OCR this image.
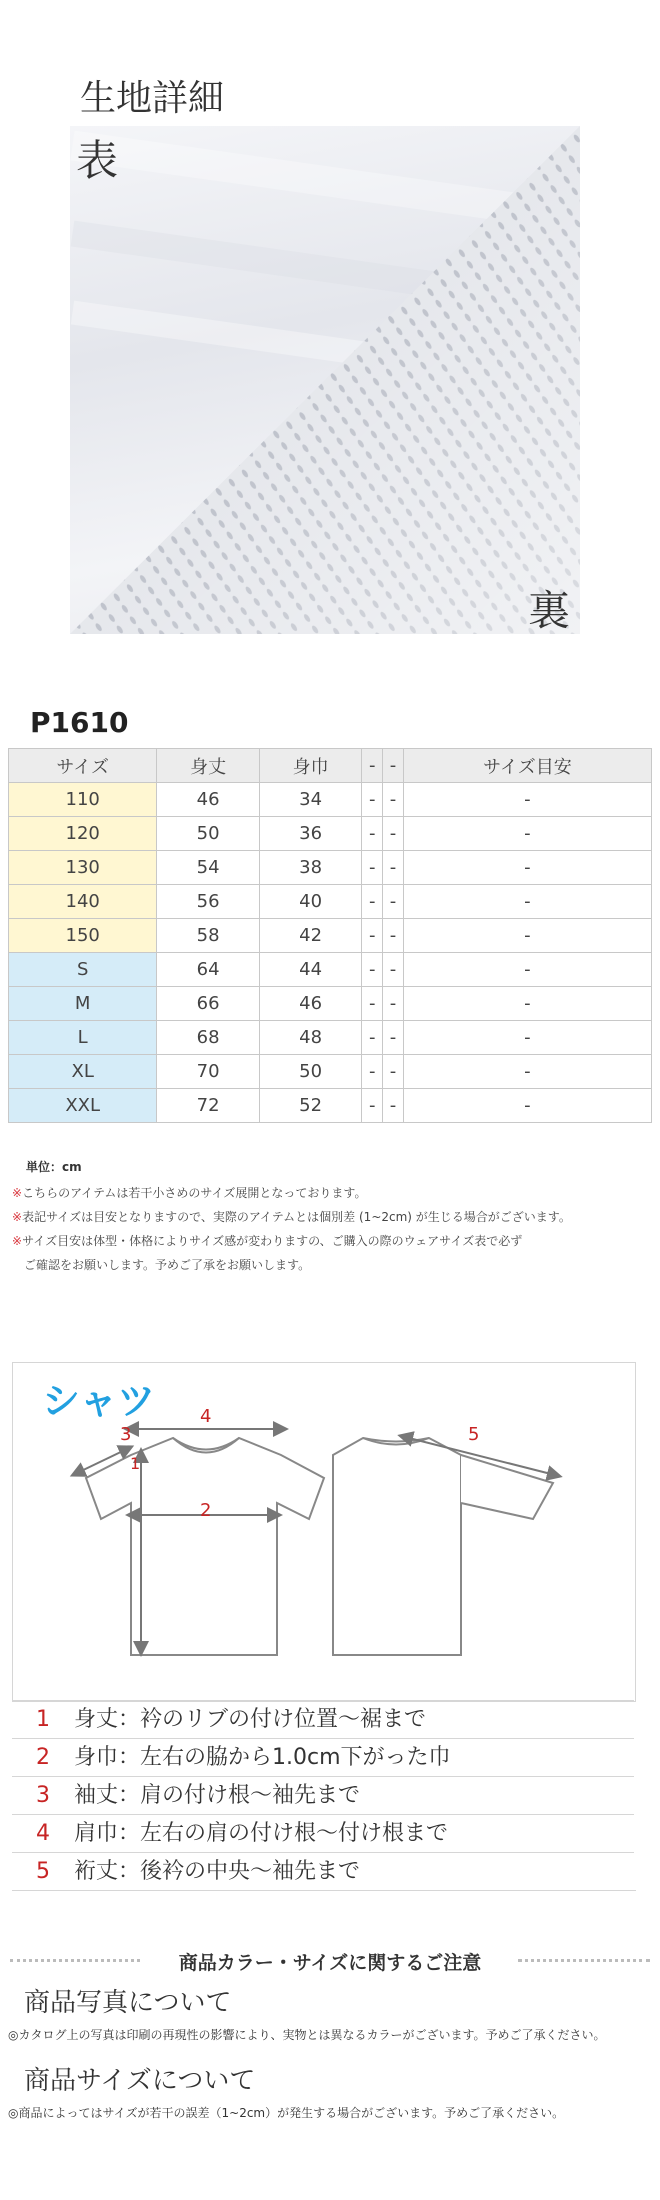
生地詳細
表
裏
P1610
サイズ	身丈	身巾	-	-	サイズ目安
110	46	34	-	-	-
120	50	36	-	-	-
130	54	38	-	-	-
140	56	40	-	-	-
150	58	42	-	-	-
S	64	44	-	-	-
M	66	46	-	-	-
L	68	48	-	-	-
XL	70	50	-	-	-
XXL	72	52	-	-	-
単位：cm
※こちらのアイテムは若干小さめのサイズ展開となっております。
※表記サイズは目安となりますので、実際のアイテムとは個別差 (1~2cm) が生じる場合がございます。
※サイズ目安は体型・体格によりサイズ感が変わりますの、ご購入の際のウェアサイズ表で必ず
ご確認をお願いします。予めご了承をお願いします。
シャツ
1
2
3
4
5
1 身丈：衿のリブの付け位置～裾まで
2 身巾：左右の脇から1.0cm下がった巾
3 袖丈：肩の付け根～袖先まで
4 肩巾：左右の肩の付け根～付け根まで
5 裄丈：後衿の中央～袖先まで
商品カラー・サイズに関するご注意
商品写真について
◎カタログ上の写真は印刷の再現性の影響により、実物とは異なるカラーがございます。予めご了承ください。
商品サイズについて
◎商品によってはサイズが若干の誤差（1~2cm）が発生する場合がございます。予めご了承ください。
